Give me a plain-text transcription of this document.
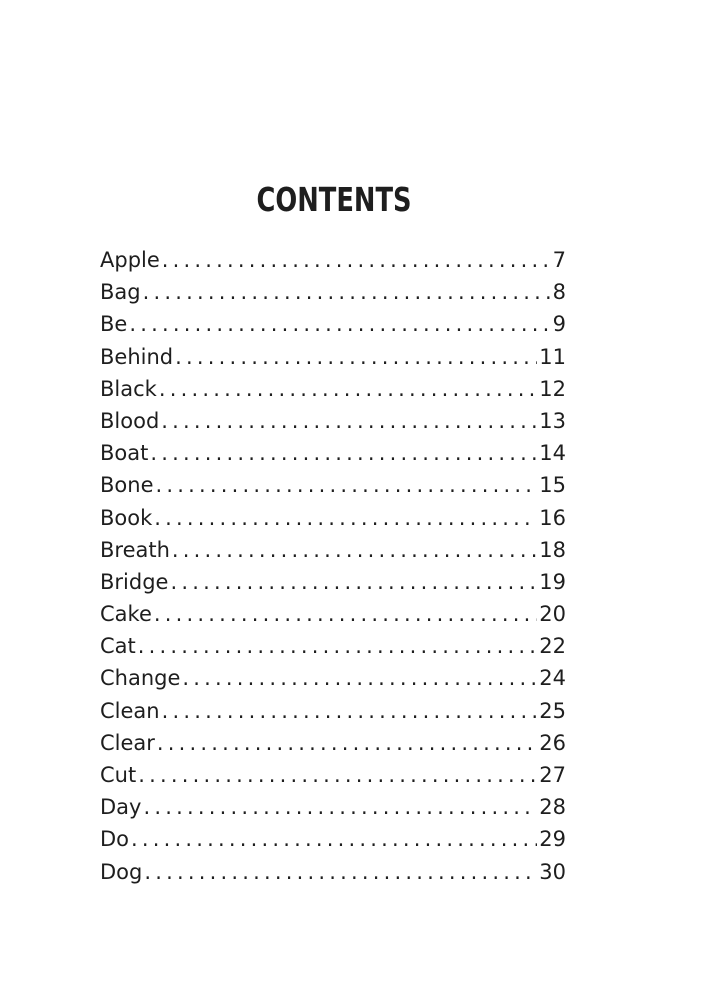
CONTENTS
Apple .....	7
Bag .....	8
Be .....	9
Behind .....	11
Black .....	12
Blood .....	13
Boat .....	14
Bone .....	15
Book .....	16
Breath .....	18
Bridge .....	19
Cake .....	20
Cat .....	22
Change .....	24
Clean .....	25
Clear .....	26
Cut .....	27
Day .....	28
Do .....	29
Dog .....	30
